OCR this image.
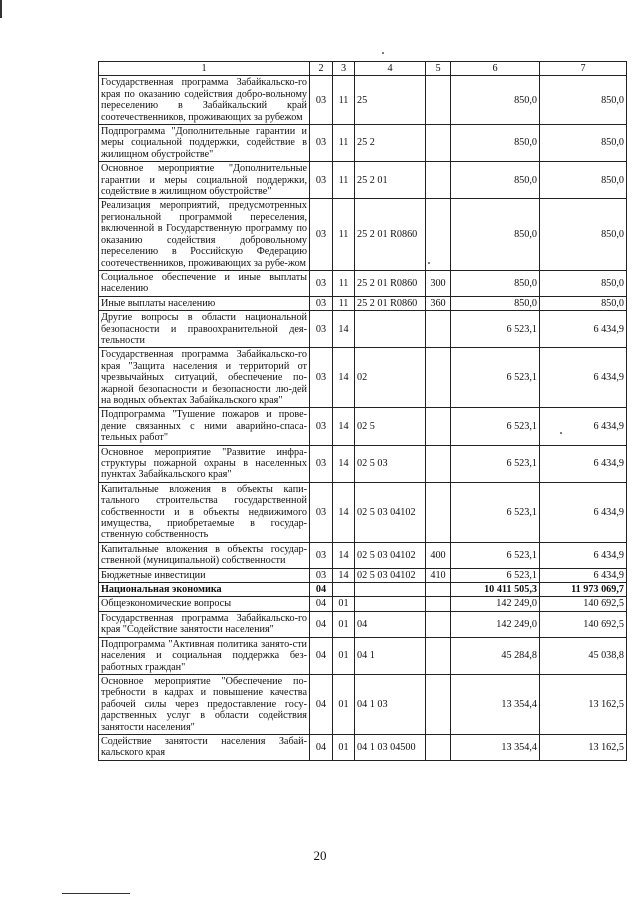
1	2	3	4	5	6	7
Государственная программа Забайкальско-го края по оказанию содействия добро-вольному переселению в Забайкальский край соотечественников, проживающих за рубежом	03	11	25		850,0	850,0
Подпрограмма "Дополнительные гарантии и меры социальной поддержки, содействие в жилищном обустройстве"	03	11	25 2		850,0	850,0
Основное мероприятие "Дополнительные гарантии и меры социальной поддержки, содействие в жилищном обустройстве"	03	11	25 2 01		850,0	850,0
Реализация мероприятий, предусмотренных региональной программой переселения, включенной в Государственную программу по оказанию содействия добровольному переселению в Российскую Федерацию соотечественников, проживающих за рубе-жом	03	11	25 2 01 R0860		850,0	850,0
Социальное обеспечение и иные выплаты населению	03	11	25 2 01 R0860	300	850,0	850,0
Иные выплаты населению	03	11	25 2 01 R0860	360	850,0	850,0
Другие вопросы в области национальной безопасности и правоохранительной дея-тельности	03	14			6 523,1	6 434,9
Государственная программа Забайкальско-го края "Защита населения и территорий от чрезвычайных ситуаций, обеспечение по-жарной безопасности и безопасности лю-дей на водных объектах Забайкальского края"	03	14	02		6 523,1	6 434,9
Подпрограмма "Тушение пожаров и прове-дение связанных с ними аварийно-спаса-тельных работ"	03	14	02 5		6 523,1	6 434,9
Основное мероприятие "Развитие инфра-структуры пожарной охраны в населенных пунктах Забайкальского края"	03	14	02 5 03		6 523,1	6 434,9
Капитальные вложения в объекты капи-тального строительства государственной собственности и в объекты недвижимого имущества, приобретаемые в государ-ственную собственность	03	14	02 5 03 04102		6 523,1	6 434,9
Капитальные вложения в объекты государ-ственной (муниципальной) собственности	03	14	02 5 03 04102	400	6 523,1	6 434,9
Бюджетные инвестиции	03	14	02 5 03 04102	410	6 523,1	6 434,9
Национальная экономика	04				10 411 505,3	11 973 069,7
Общеэкономические вопросы	04	01			142 249,0	140 692,5
Государственная программа Забайкальско-го края "Содействие занятости населения"	04	01	04		142 249,0	140 692,5
Подпрограмма "Активная политика занято-сти населения и социальная поддержка без-работных граждан"	04	01	04 1		45 284,8	45 038,8
Основное мероприятие "Обеспечение по-требности в кадрах и повышение качества рабочей силы через предоставление госу-дарственных услуг в области содействия занятости населения"	04	01	04 1 03		13 354,4	13 162,5
Содействие занятости населения Забай-кальского края	04	01	04 1 03 04500		13 354,4	13 162,5
20
